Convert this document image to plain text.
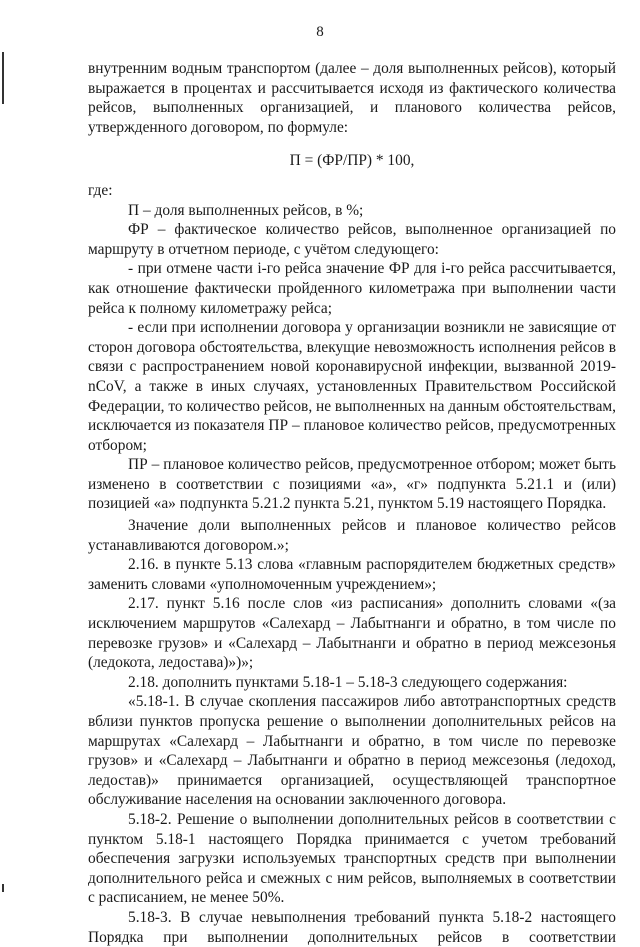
8

внутренним водным транспортом (далее – доля выполненных рейсов), который выражается в процентах и рассчитывается исходя из фактического количества рейсов, выполненных организацией, и планового количества рейсов, утвержденного договором, по формуле:

П = (ФР/ПР) * 100,

где:

П – доля выполненных рейсов, в %;

ФР – фактическое количество рейсов, выполненное организацией по маршруту в отчетном периоде, с учётом следующего:

- при отмене части i-го рейса значение ФР для i-го рейса рассчитывается, как отношение фактически пройденного километража при выполнении части рейса к полному километражу рейса;

- если при исполнении договора у организации возникли не зависящие от сторон договора обстоятельства, влекущие невозможность исполнения рейсов в связи с распространением новой коронавирусной инфекции, вызванной 2019-nCoV, а также в иных случаях, установленных Правительством Российской Федерации, то количество рейсов, не выполненных на данным обстоятельствам, исключается из показателя ПР – плановое количество рейсов, предусмотренных отбором;

ПР – плановое количество рейсов, предусмотренное отбором; может быть изменено в соответствии с позициями «а», «г» подпункта 5.21.1 и (или) позицией «а» подпункта 5.21.2 пункта 5.21, пунктом 5.19 настоящего Порядка.

Значение доли выполненных рейсов и плановое количество рейсов устанавливаются договором.»;

2.16. в пункте 5.13 слова «главным распорядителем бюджетных средств» заменить словами «уполномоченным учреждением»;

2.17. пункт 5.16 после слов «из расписания» дополнить словами «(за исключением маршрутов «Салехард – Лабытнанги и обратно, в том числе по перевозке грузов» и «Салехард – Лабытнанги и обратно в период межсезонья (ледокота, ледостава)»)»;

2.18. дополнить пунктами 5.18-1 – 5.18-3 следующего содержания:

«5.18-1. В случае скопления пассажиров либо автотранспортных средств вблизи пунктов пропуска решение о выполнении дополнительных рейсов на маршрутах «Салехард – Лабытнанги и обратно, в том числе по перевозке грузов» и «Салехард – Лабытнанги и обратно в период межсезонья (ледоход, ледостав)» принимается организацией, осуществляющей транспортное обслуживание населения на основании заключенного договора.

5.18-2. Решение о выполнении дополнительных рейсов в соответствии с пунктом 5.18-1 настоящего Порядка принимается с учетом требований обеспечения загрузки используемых транспортных средств при выполнении дополнительного рейса и смежных с ним рейсов, выполняемых в соответствии с расписанием, не менее 50%.

5.18-3. В случае невыполнения требований пункта 5.18-2 настоящего Порядка при выполнении дополнительных рейсов в соответствии
